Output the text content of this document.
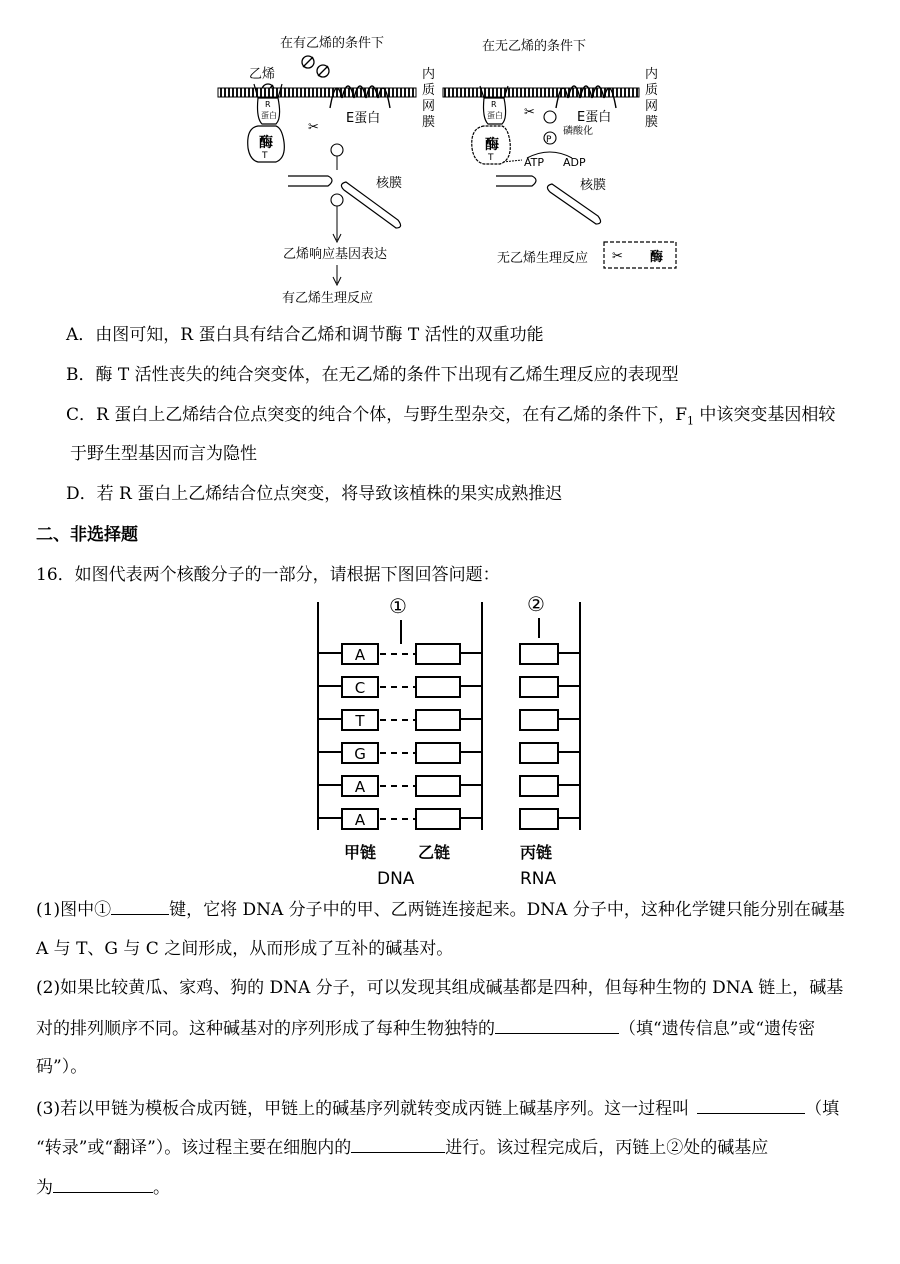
在有乙烯的条件下	在无乙烯的条件下
内
质
网
膜
内
质
网
膜
乙烯
R
蛋白
酶
T
E蛋白
✂
核膜
乙烯响应基因表达
有乙烯生理反应
R
蛋白
酶
T
✂	E蛋白
P
磷酸化
ATP ADP
核膜
无乙烯生理反应 ✂ 酶
A．由图可知，R 蛋白具有结合乙烯和调节酶 T 活性的双重功能
B．酶 T 活性丧失的纯合突变体，在无乙烯的条件下出现有乙烯生理反应的表现型
C．R 蛋白上乙烯结合位点突变的纯合个体，与野生型杂交，在有乙烯的条件下，$F_1$ 中该突变基因相较
于野生型基因而言为隐性
D．若 R 蛋白上乙烯结合位点突变，将导致该植株的果实成熟推迟
二、非选择题
16．如图代表两个核酸分子的一部分，请根据下图回答问题：
①	②
A
C
T
G
A
A
甲链	乙链	丙链
DNA	RNA
(1)图中①	键，它将 DNA 分子中的甲、乙两链连接起来。DNA 分子中，这种化学键只能分别在碱基
A 与 T、G 与 C 之间形成，从而形成了互补的碱基对。
(2)如果比较黄瓜、家鸡、狗的 DNA 分子，可以发现其组成碱基都是四种，但每种生物的 DNA 链上，碱基
对的排列顺序不同。这种碱基对的序列形成了每种生物独特的	（填“遗传信息”或“遗传密
码”）。
(3)若以甲链为模板合成丙链，甲链上的碱基序列就转变成丙链上碱基序列。这一过程叫	（填
“转录”或“翻译”）。该过程主要在细胞内的	进行。该过程完成后，丙链上②处的碱基应
为	。
